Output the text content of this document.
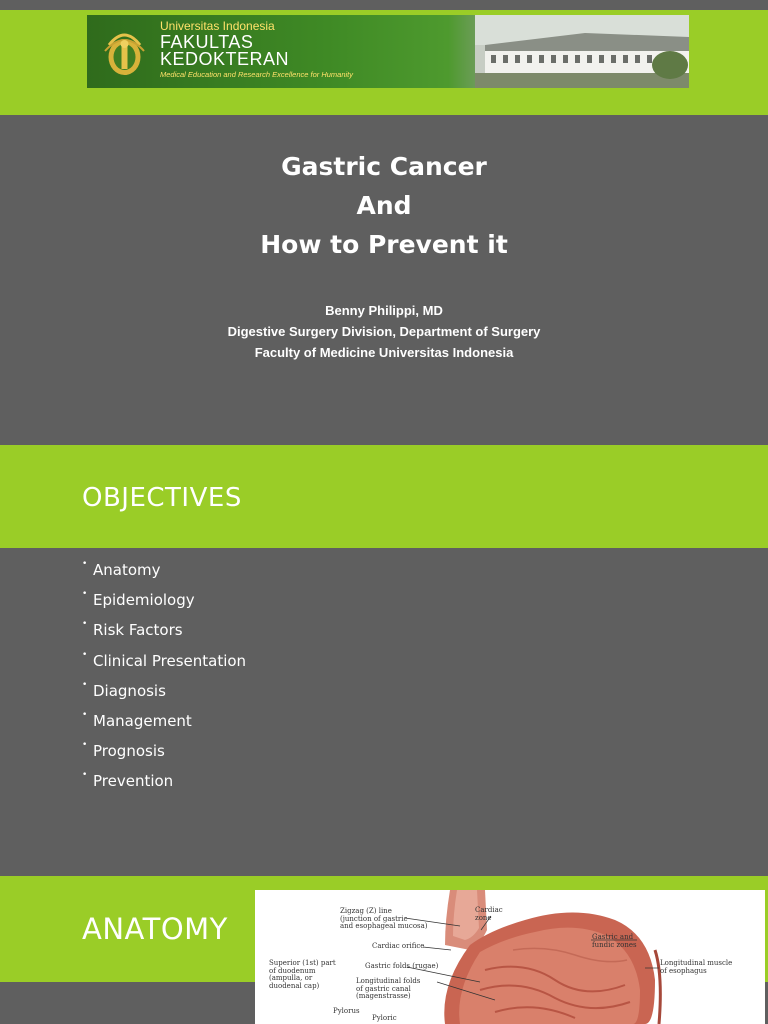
Universitas Indonesia
FAKULTAS
KEDOKTERAN
Medical Education and Research Excellence for Humanity
Gastric Cancer
And
How to Prevent it
Benny Philippi, MD
Digestive Surgery Division, Department of Surgery
Faculty of Medicine Universitas Indonesia
OBJECTIVES
• Anatomy
• Epidemiology
• Risk Factors
• Clinical Presentation
• Diagnosis
• Management
• Prognosis
• Prevention
ANATOMY
Zigzag (Z) line
(junction of gastric
and esophageal mucosa)
Cardiac
zone
Cardiac orifice
Gastric and
fundic zones
Longitudinal muscle
of esophagus
Superior (1st) part
of duodenum
(ampulla, or
duodenal cap)
Gastric folds (rugae)
Longitudinal folds
of gastric canal
(magenstrasse)
Pylorus
Pyloric
